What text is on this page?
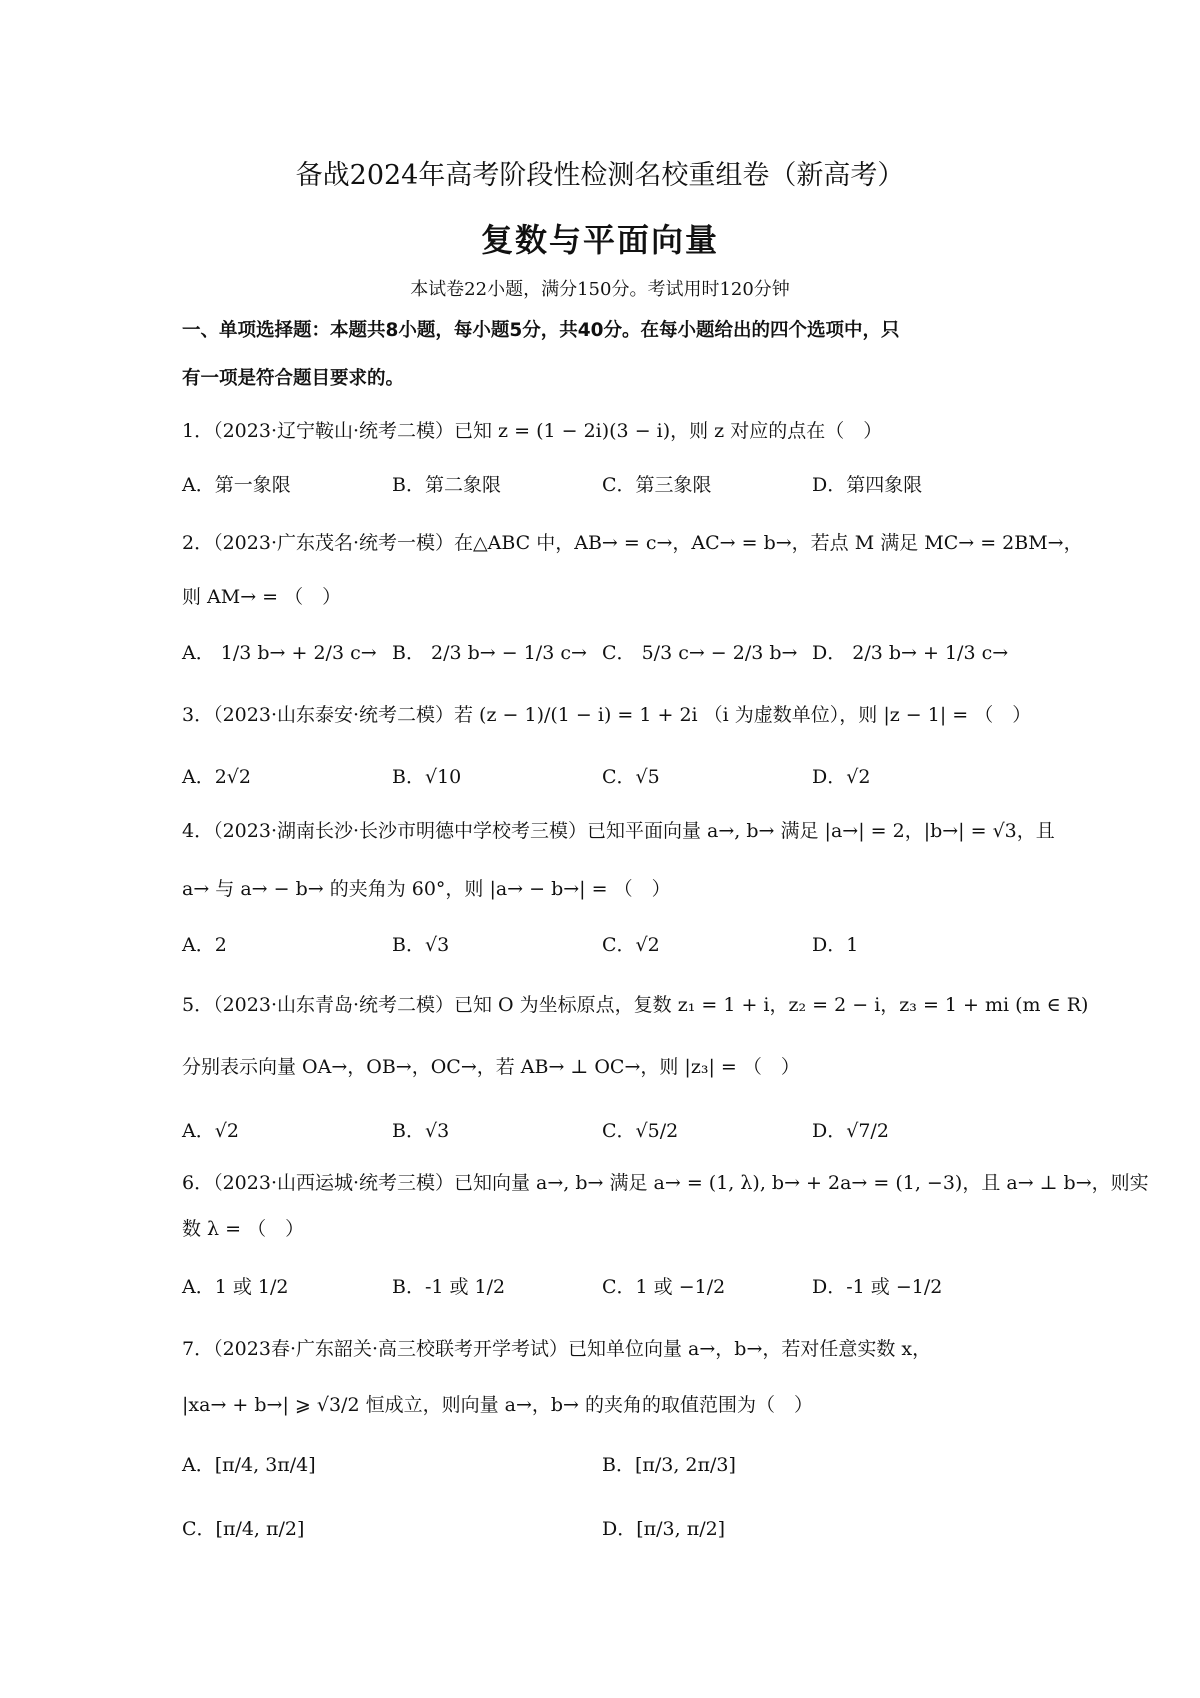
备战2024年高考阶段性检测名校重组卷（新高考）
复数与平面向量
本试卷22小题，满分150分。考试用时120分钟
一、单项选择题：本题共8小题，每小题5分，共40分。在每小题给出的四个选项中，只
有一项是符合题目要求的。
1．（2023·辽宁鞍山·统考二模）已知 z = (1 − 2i)(3 − i)，则 z 对应的点在（　）
A．第一象限	B．第二象限	C．第三象限	D．第四象限
2．（2023·广东茂名·统考一模）在△ABC 中，AB→ = c→，AC→ = b→，若点 M 满足 MC→ = 2BM→，
则 AM→ = （　）
A． 1/3 b→ + 2/3 c→ B． 2/3 b→ − 1/3 c→ C． 5/3 c→ − 2/3 b→ D． 2/3 b→ + 1/3 c→
3．（2023·山东泰安·统考二模）若 (z − 1)/(1 − i) = 1 + 2i （i 为虚数单位），则 |z − 1| = （　）
A．2√2	B．√10	C．√5	D．√2
4．（2023·湖南长沙·长沙市明德中学校考三模）已知平面向量 a→, b→ 满足 |a→| = 2，|b→| = √3，且
a→ 与 a→ − b→ 的夹角为 60°，则 |a→ − b→| = （　）
A．2	B．√3	C．√2	D．1
5．（2023·山东青岛·统考二模）已知 O 为坐标原点，复数 z₁ = 1 + i，z₂ = 2 − i，z₃ = 1 + mi (m ∈ R)
分别表示向量 OA→，OB→，OC→，若 AB→ ⊥ OC→，则 |z₃| = （　）
A．√2	B．√3	C．√5/2	D．√7/2
6．（2023·山西运城·统考三模）已知向量 a→, b→ 满足 a→ = (1, λ), b→ + 2a→ = (1, −3)，且 a→ ⊥ b→，则实
数 λ = （　）
A．1 或 1/2	B．-1 或 1/2	C．1 或 −1/2	D．-1 或 −1/2
7．（2023春·广东韶关·高三校联考开学考试）已知单位向量 a→，b→，若对任意实数 x，
|xa→ + b→| ⩾ √3/2 恒成立，则向量 a→，b→ 的夹角的取值范围为（　）
A．[π/4, 3π/4]	B．[π/3, 2π/3]
C．[π/4, π/2]	D．[π/3, π/2]
